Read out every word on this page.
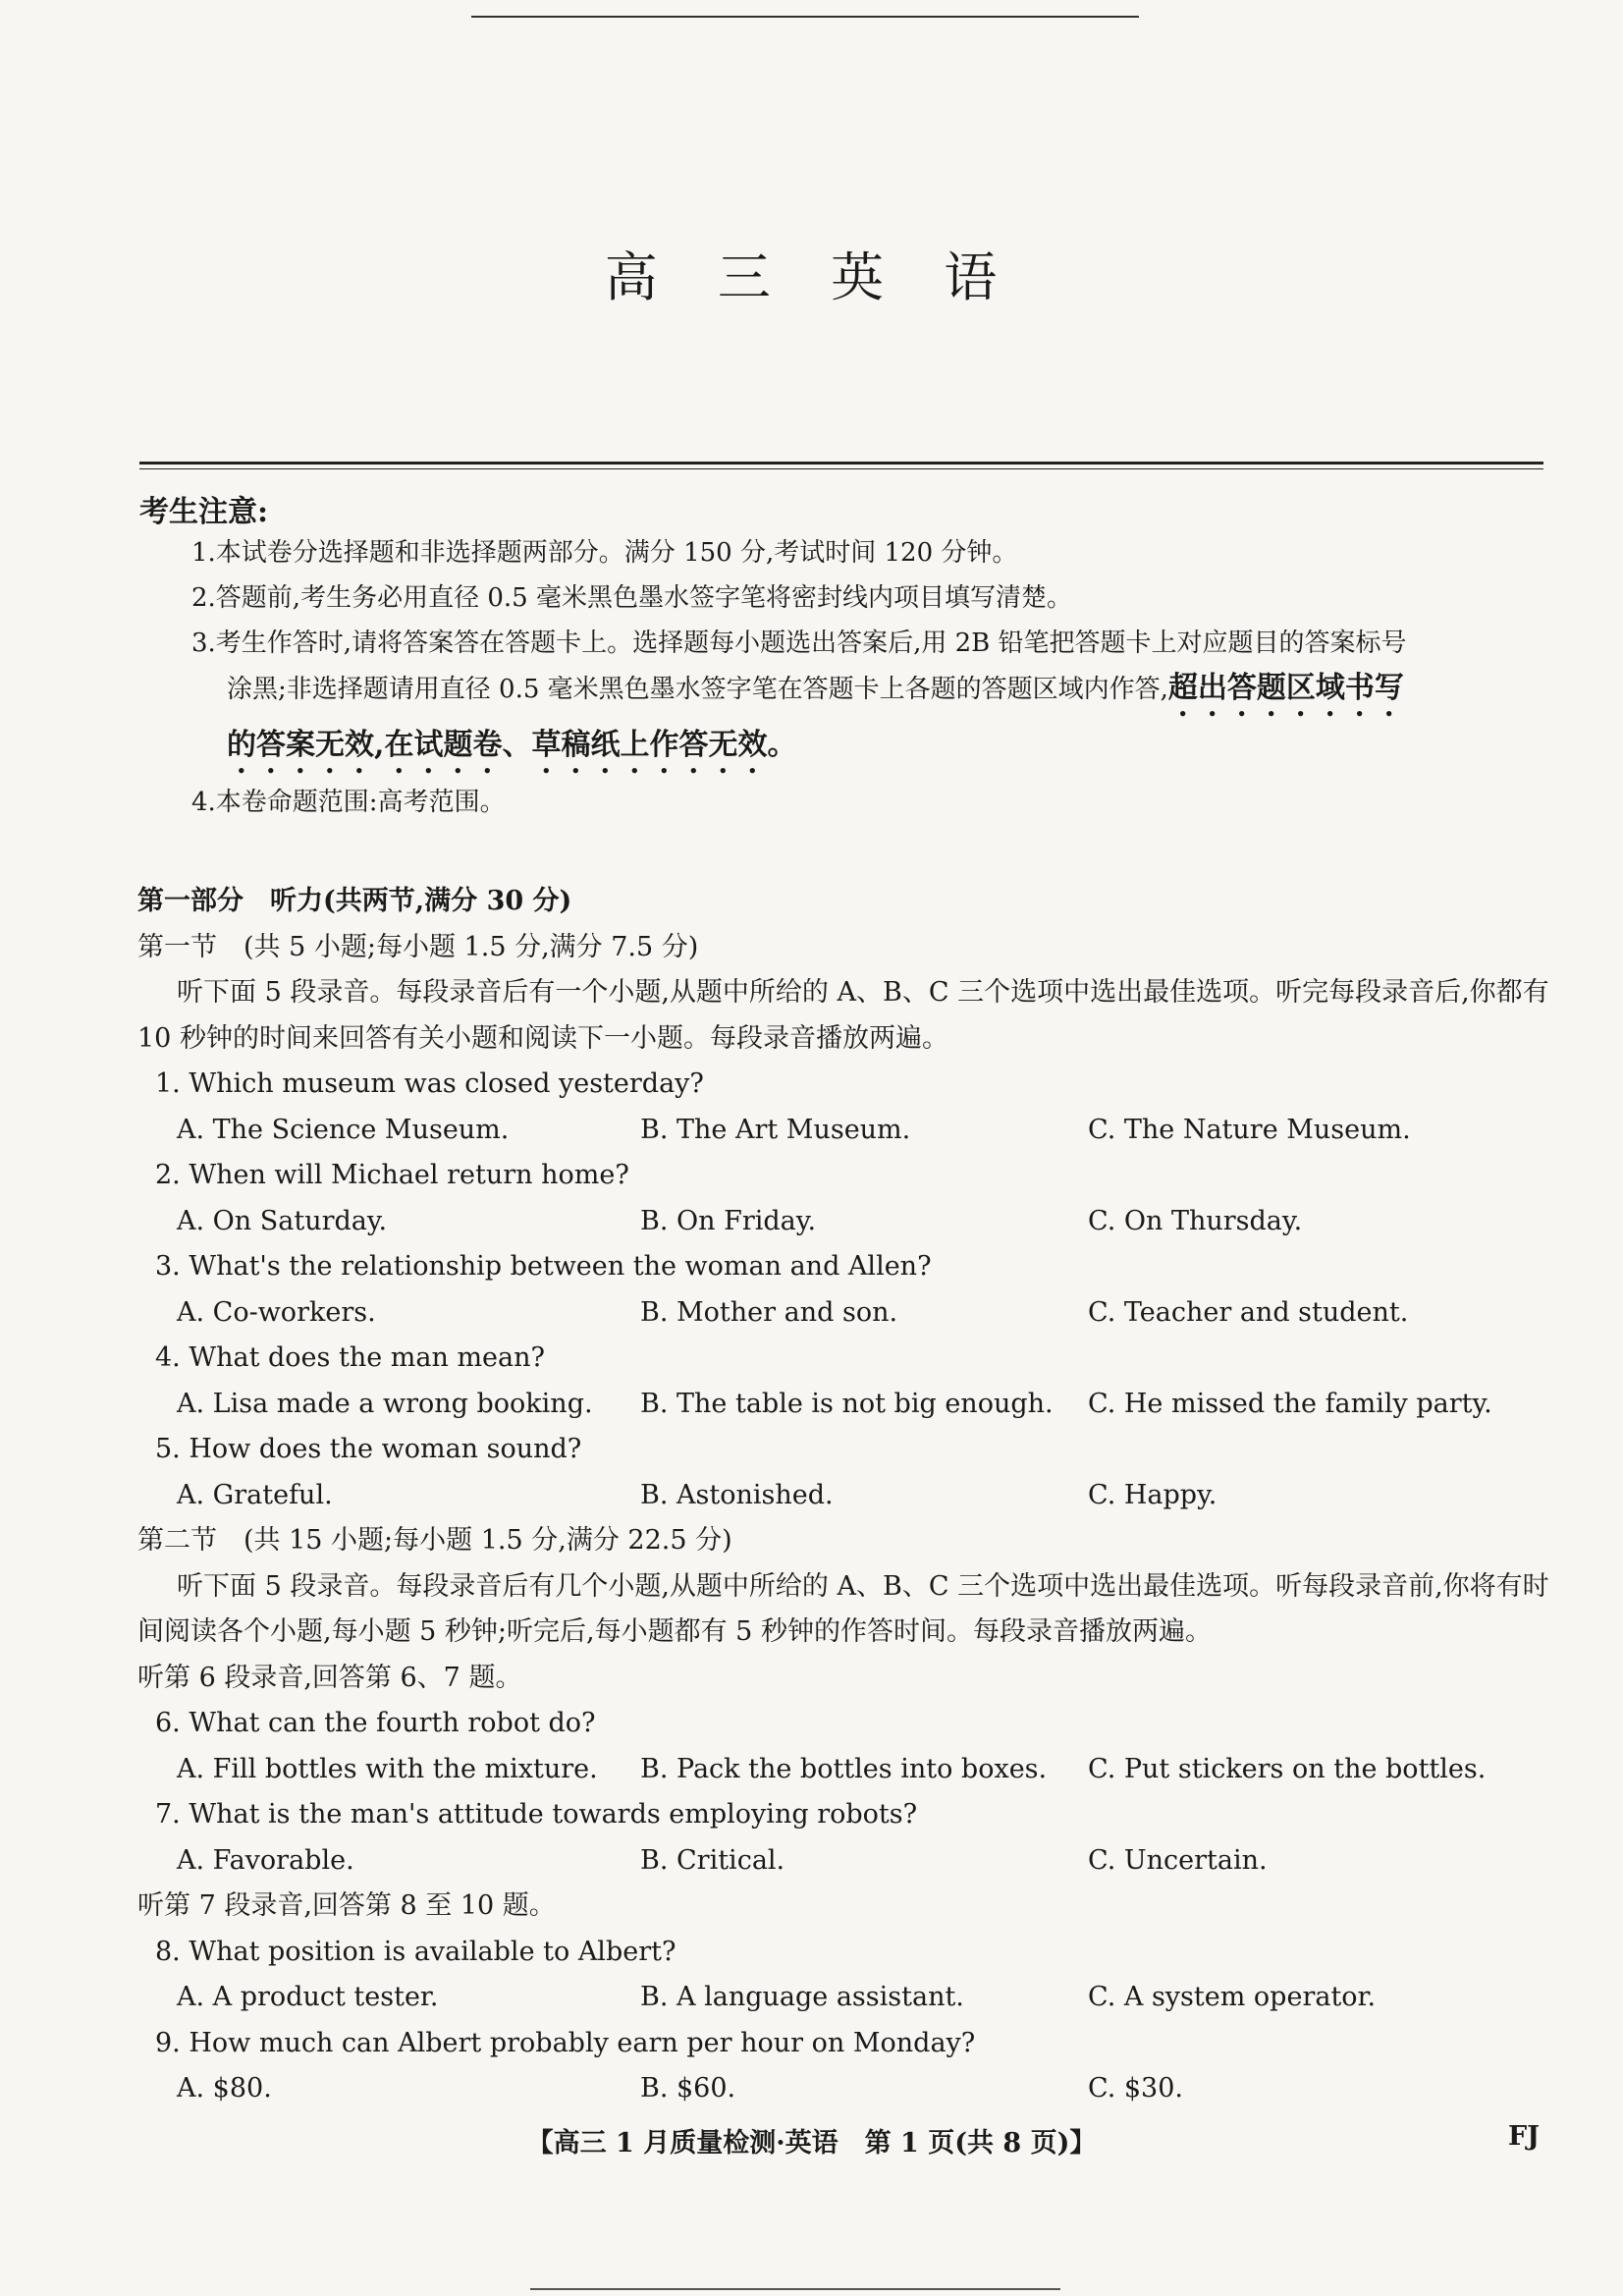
高 三 英 语
考生注意:

1.本试卷分选择题和非选择题两部分。满分 150 分,考试时间 120 分钟。

2.答题前,考生务必用直径 0.5 毫米黑色墨水签字笔将密封线内项目填写清楚。

3.考生作答时,请将答案答在答题卡上。选择题每小题选出答案后,用 2B 铅笔把答题卡上对应题目的答案标号

涂黑;非选择题请用直径 0.5 毫米黑色墨水签字笔在答题卡上各题的答题区域内作答,超出答题区域书写

的答案无效,在试题卷、草稿纸上作答无效。

4.本卷命题范围:高考范围。

第一部分　听力(共两节,满分 30 分)

第一节　(共 5 小题;每小题 1.5 分,满分 7.5 分)

听下面 5 段录音。每段录音后有一个小题,从题中所给的 A、B、C 三个选项中选出最佳选项。听完每段录音后,你都有 10 秒钟的时间来回答有关小题和阅读下一小题。每段录音播放两遍。

1. Which museum was closed yesterday?

A. The Science Museum.	B. The Art Museum.	C. The Nature Museum.

2. When will Michael return home?

A. On Saturday.	B. On Friday.	C. On Thursday.

3. What's the relationship between the woman and Allen?

A. Co-workers.	B. Mother and son.	C. Teacher and student.

4. What does the man mean?

A. Lisa made a wrong booking.	B. The table is not big enough.	C. He missed the family party.

5. How does the woman sound?

A. Grateful.	B. Astonished.	C. Happy.

第二节　(共 15 小题;每小题 1.5 分,满分 22.5 分)

听下面 5 段录音。每段录音后有几个小题,从题中所给的 A、B、C 三个选项中选出最佳选项。听每段录音前,你将有时间阅读各个小题,每小题 5 秒钟;听完后,每小题都有 5 秒钟的作答时间。每段录音播放两遍。

听第 6 段录音,回答第 6、7 题。

6. What can the fourth robot do?

A. Fill bottles with the mixture.	B. Pack the bottles into boxes.	C. Put stickers on the bottles.

7. What is the man's attitude towards employing robots?

A. Favorable.	B. Critical.	C. Uncertain.

听第 7 段录音,回答第 8 至 10 题。

8. What position is available to Albert?

A. A product tester.	B. A language assistant.	C. A system operator.

9. How much can Albert probably earn per hour on Monday?

A. $80.	B. $60.	C. $30.
【高三 1 月质量检测·英语　第 1 页(共 8 页)】	FJ
